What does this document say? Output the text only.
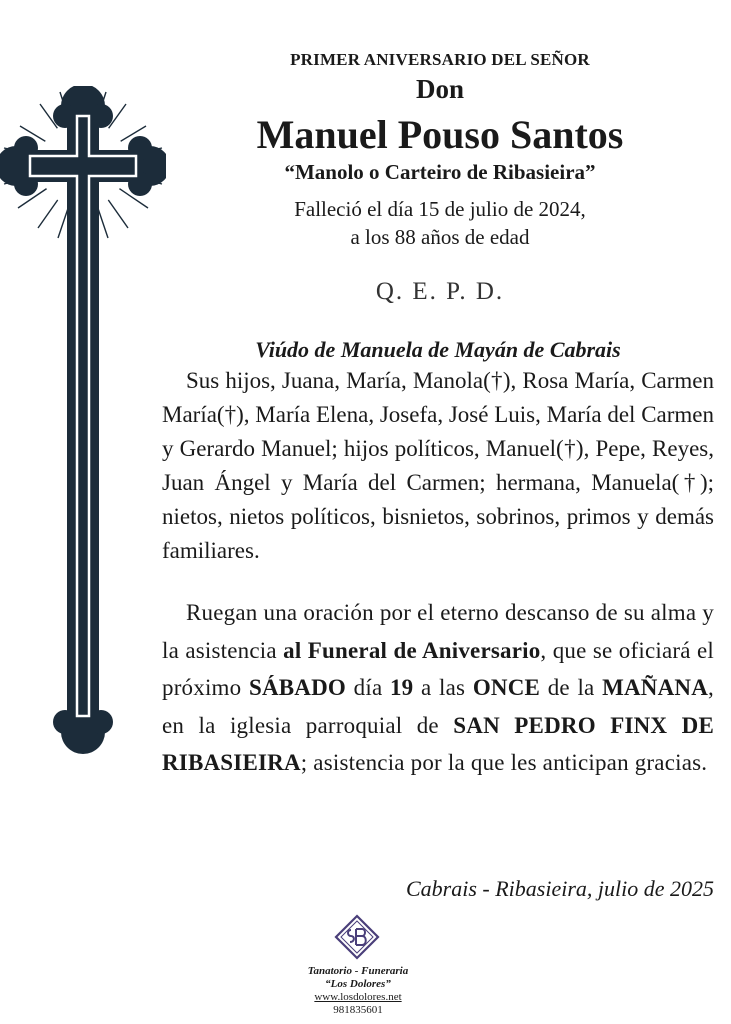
PRIMER ANIVERSARIO DEL SEÑOR
Don
Manuel Pouso Santos
“Manolo o Carteiro de Ribasieira”
Falleció el día 15 de julio de 2024,
a los 88 años de edad
Q. E. P. D.
Viúdo de Manuela de Mayán de Cabrais
Sus hijos, Juana, María, Manola(†), Rosa María, Carmen María(†), María Elena, Josefa, José Luis, María del Carmen y Gerardo Manuel; hijos políticos, Manuel(†), Pepe, Reyes, Juan Ángel y María del Carmen; hermana, Manuela(†); nietos, nietos políticos, bisnietos, sobrinos, primos y demás familiares.
Ruegan una oración por el eterno descanso de su alma y la asistencia al Funeral de Aniversario, que se oficiará el próximo SÁBADO día 19 a las ONCE de la MAÑANA, en la iglesia parroquial de SAN PEDRO FINX DE RIBASIEIRA; asistencia por la que les anticipan gracias.
Cabrais - Ribasieira, julio de 2025
Tanatorio - Funeraria
“Los Dolores”
www.losdolores.net
981835601
